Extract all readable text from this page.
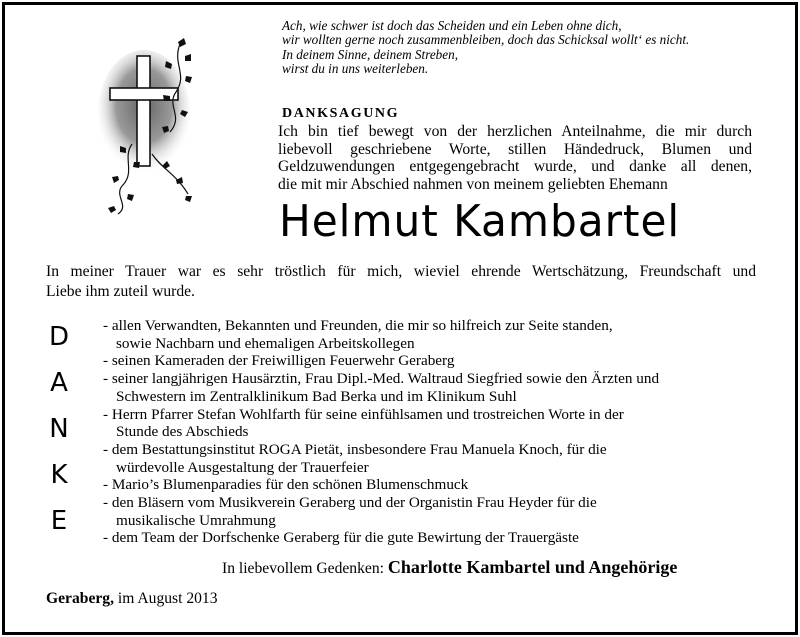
Ach, wie schwer ist doch das Scheiden und ein Leben ohne dich,
wir wollten gerne noch zusammenbleiben, doch das Schicksal wollt‘ es nicht.
In deinem Sinne, deinem Streben,
wirst du in uns weiterleben.
DANKSAGUNG
Ich bin tief bewegt von der herzlichen Anteilnahme, die mir durch
liebevoll geschriebene Worte, stillen Händedruck, Blumen und
Geldzuwendungen entgegengebracht wurde, und danke all denen,
die mit mir Abschied nahmen von meinem geliebten Ehemann
Helmut Kambartel
In meiner Trauer war es sehr tröstlich für mich, wieviel ehrende Wertschätzung, Freundschaft und
Liebe ihm zuteil wurde.
D
A
N
K
E
- allen Verwandten, Bekannten und Freunden, die mir so hilfreich zur Seite standen,
sowie Nachbarn und ehemaligen Arbeitskollegen
- seinen Kameraden der Freiwilligen Feuerwehr Geraberg
- seiner langjährigen Hausärztin, Frau Dipl.-Med. Waltraud Siegfried sowie den Ärzten und
Schwestern im Zentralklinikum Bad Berka und im Klinikum Suhl
- Herrn Pfarrer Stefan Wohlfarth für seine einfühlsamen und trostreichen Worte in der
Stunde des Abschieds
- dem Bestattungsinstitut ROGA Pietät, insbesondere Frau Manuela Knoch, für die
würdevolle Ausgestaltung der Trauerfeier
- Mario’s Blumenparadies für den schönen Blumenschmuck
- den Bläsern vom Musikverein Geraberg und der Organistin Frau Heyder für die
musikalische Umrahmung
- dem Team der Dorfschenke Geraberg für die gute Bewirtung der Trauergäste
In liebevollem Gedenken: Charlotte Kambartel und Angehörige
Geraberg, im August 2013
